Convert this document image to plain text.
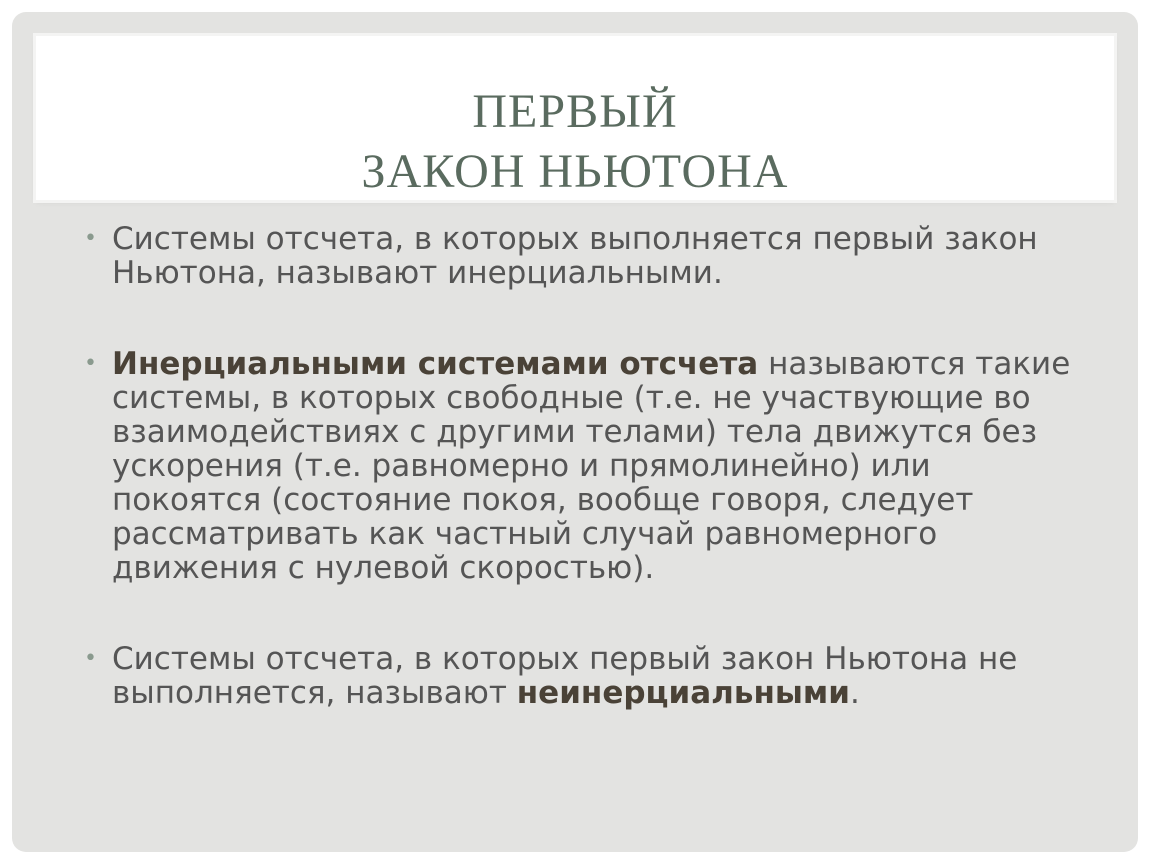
ПЕРВЫЙ
ЗАКОН НЬЮТОНА
• Системы отсчета, в которых выполняется первый закон Ньютона, называют инерциальными.
• Инерциальными системами отсчета называются такие системы, в которых свободные (т.е. не участвующие во взаимодействиях с другими телами) тела движутся без ускорения (т.е. равномерно и прямолинейно) или покоятся (состояние покоя, вообще говоря, следует рассматривать как частный случай равномерного движения с нулевой скоростью).
• Системы отсчета, в которых первый закон Ньютона не выполняется, называют неинерциальными.
